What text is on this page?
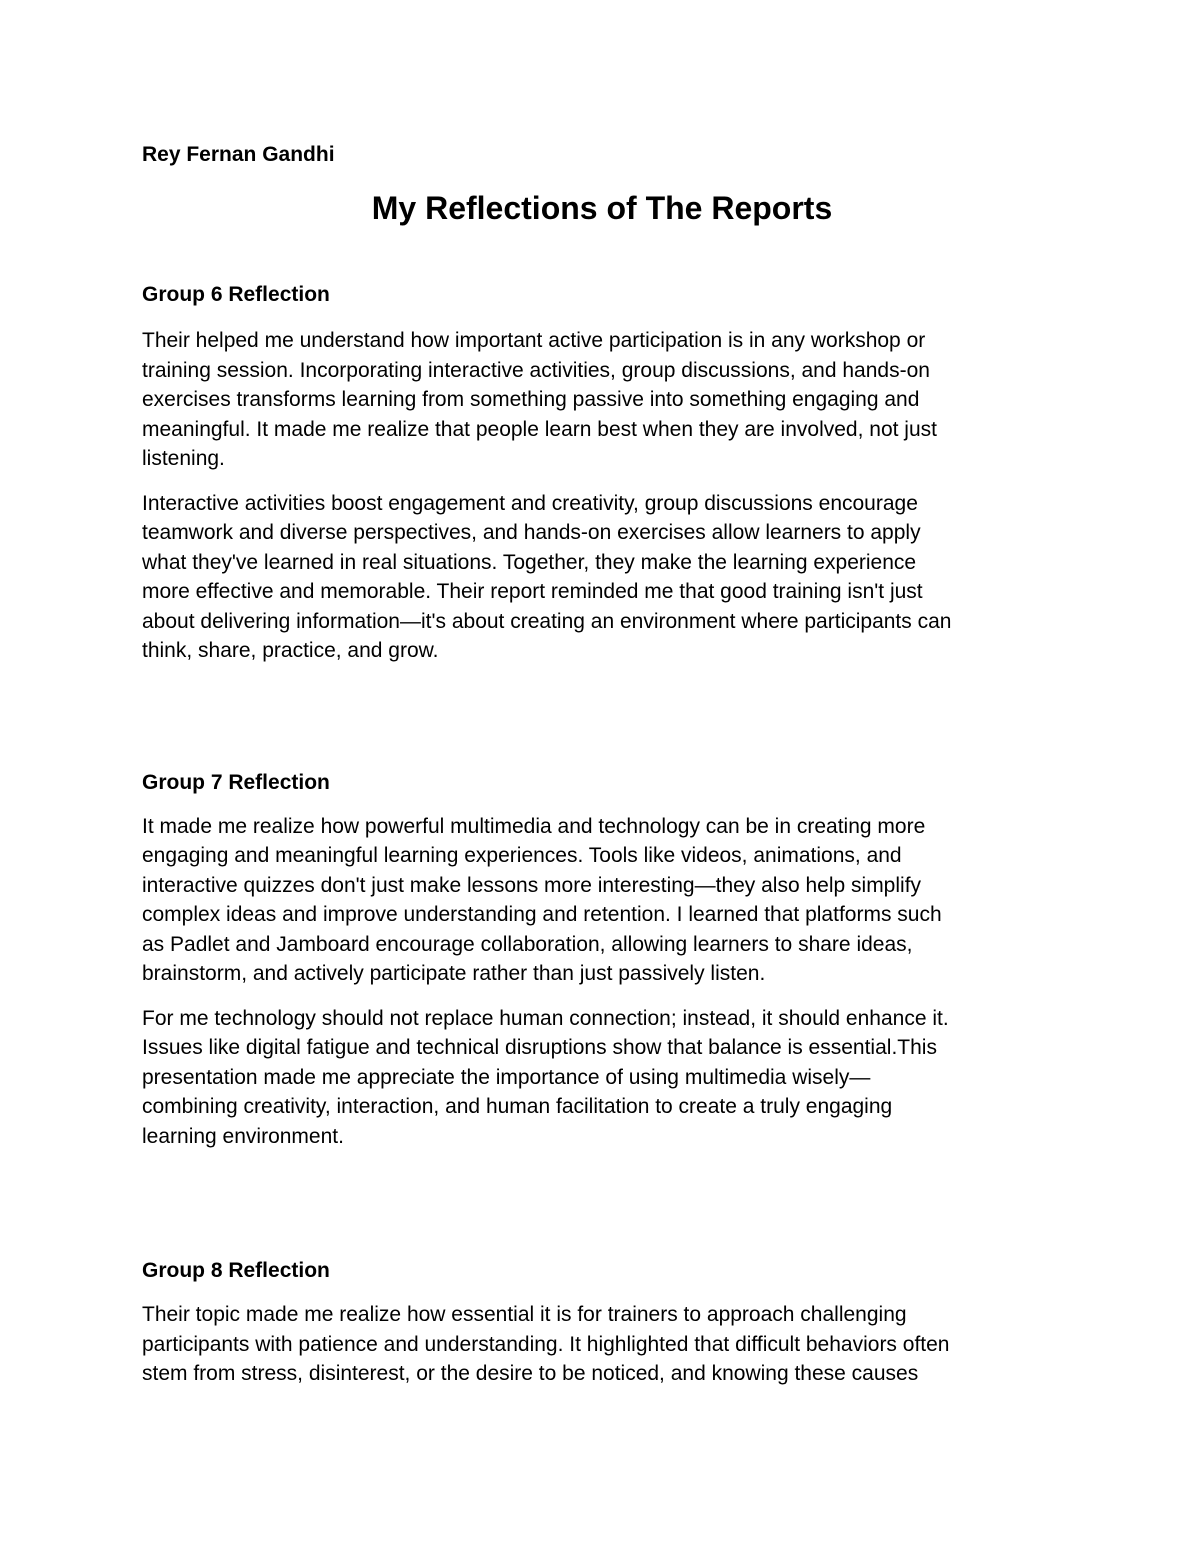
Rey Fernan Gandhi

My Reflections of The Reports
Group 6 Reflection

Their helped me understand how important active participation is in any workshop or
training session. Incorporating interactive activities, group discussions, and hands-on
exercises transforms learning from something passive into something engaging and
meaningful. It made me realize that people learn best when they are involved, not just
listening.

Interactive activities boost engagement and creativity, group discussions encourage
teamwork and diverse perspectives, and hands-on exercises allow learners to apply
what they've learned in real situations. Together, they make the learning experience
more effective and memorable. Their report reminded me that good training isn't just
about delivering information—it's about creating an environment where participants can
think, share, practice, and grow.

Group 7 Reflection

It made me realize how powerful multimedia and technology can be in creating more
engaging and meaningful learning experiences. Tools like videos, animations, and
interactive quizzes don't just make lessons more interesting—they also help simplify
complex ideas and improve understanding and retention. I learned that platforms such
as Padlet and Jamboard encourage collaboration, allowing learners to share ideas,
brainstorm, and actively participate rather than just passively listen.

For me technology should not replace human connection; instead, it should enhance it.
Issues like digital fatigue and technical disruptions show that balance is essential.This
presentation made me appreciate the importance of using multimedia wisely—
combining creativity, interaction, and human facilitation to create a truly engaging
learning environment.

Group 8 Reflection

Their topic made me realize how essential it is for trainers to approach challenging
participants with patience and understanding. It highlighted that difficult behaviors often
stem from stress, disinterest, or the desire to be noticed, and knowing these causes
